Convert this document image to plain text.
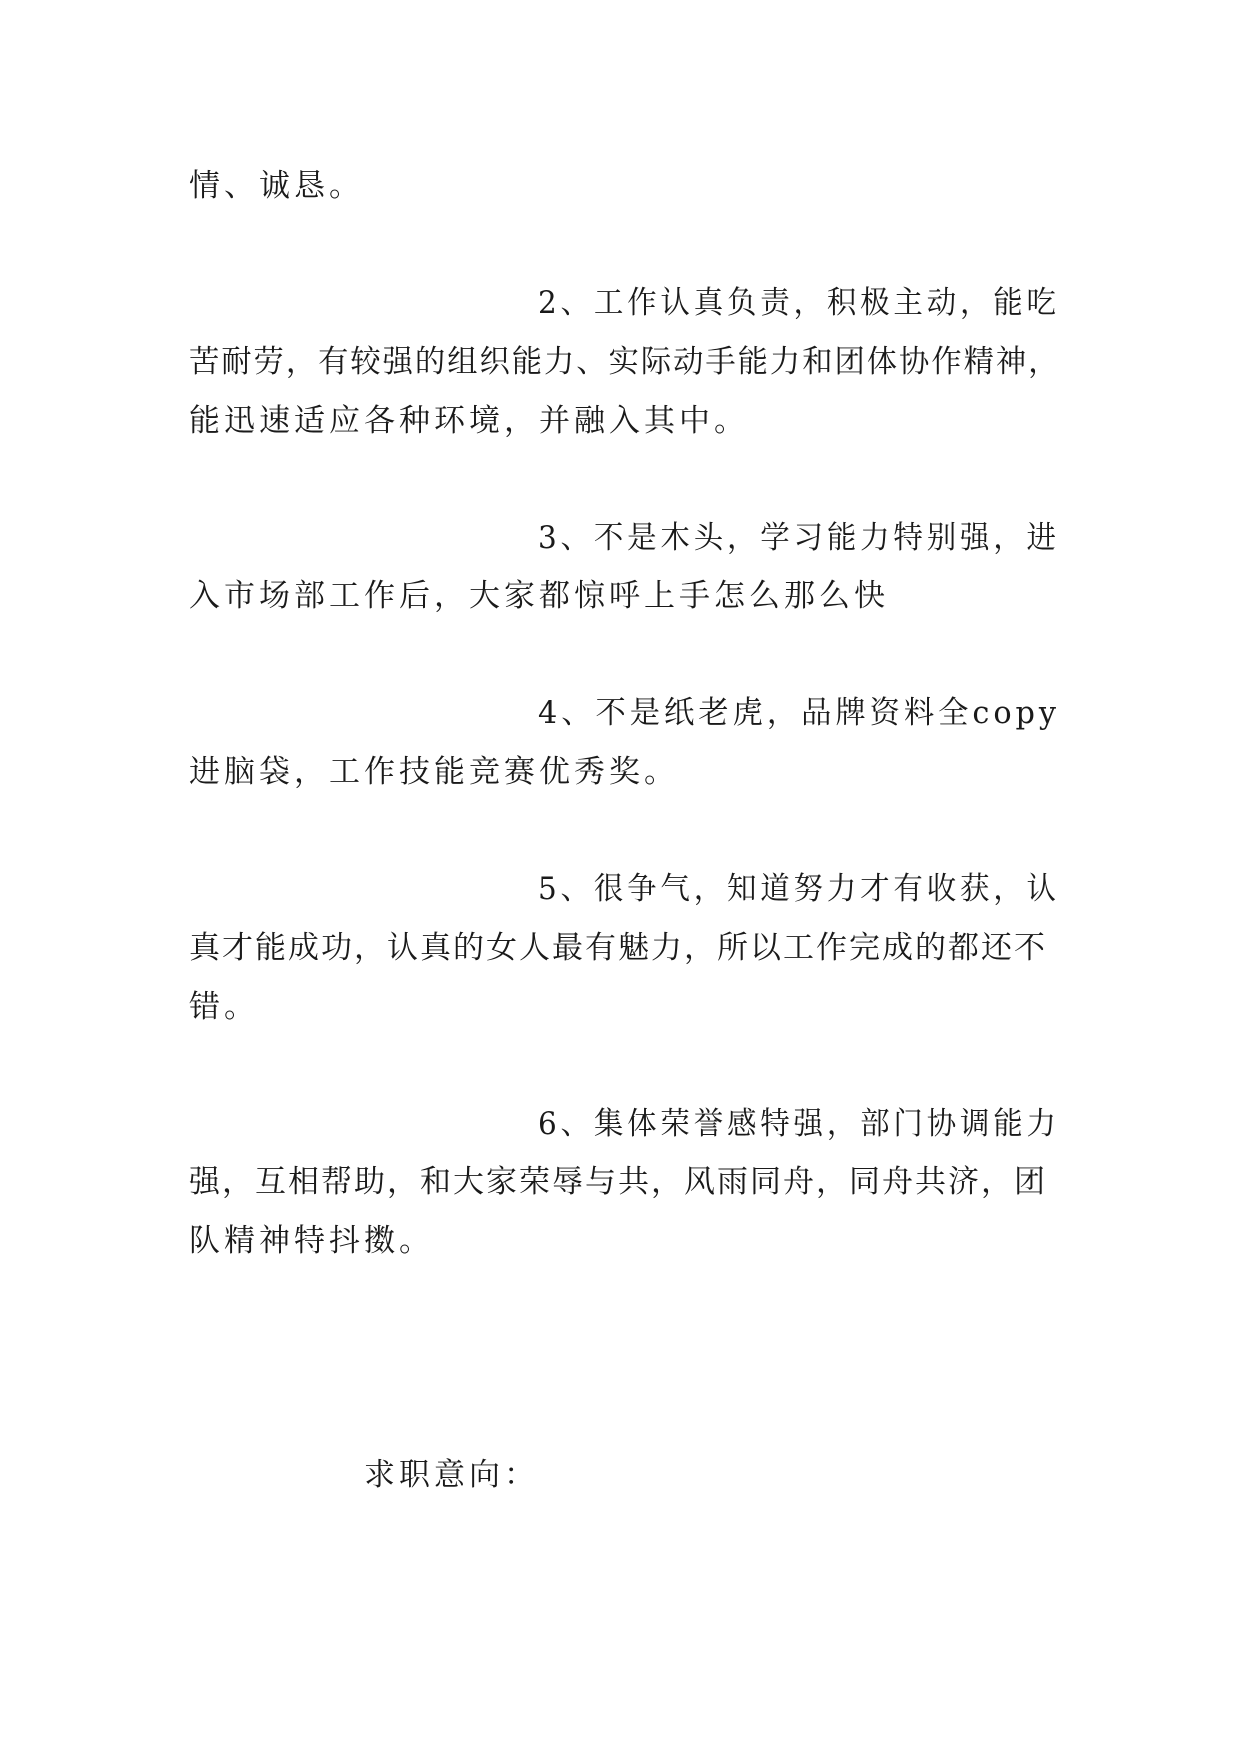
情、诚恳。
2、工作认真负责，积极主动，能吃
苦耐劳，有较强的组织能力、实际动手能力和团体协作精神，
能迅速适应各种环境，并融入其中。
3、不是木头，学习能力特别强，进
入市场部工作后，大家都惊呼上手怎么那么快
4、不是纸老虎，品牌资料全copy
进脑袋，工作技能竞赛优秀奖。
5、很争气，知道努力才有收获，认
真才能成功，认真的女人最有魅力，所以工作完成的都还不
错。
6、集体荣誉感特强，部门协调能力
强，互相帮助，和大家荣辱与共，风雨同舟，同舟共济，团
队精神特抖擞。
求职意向：
